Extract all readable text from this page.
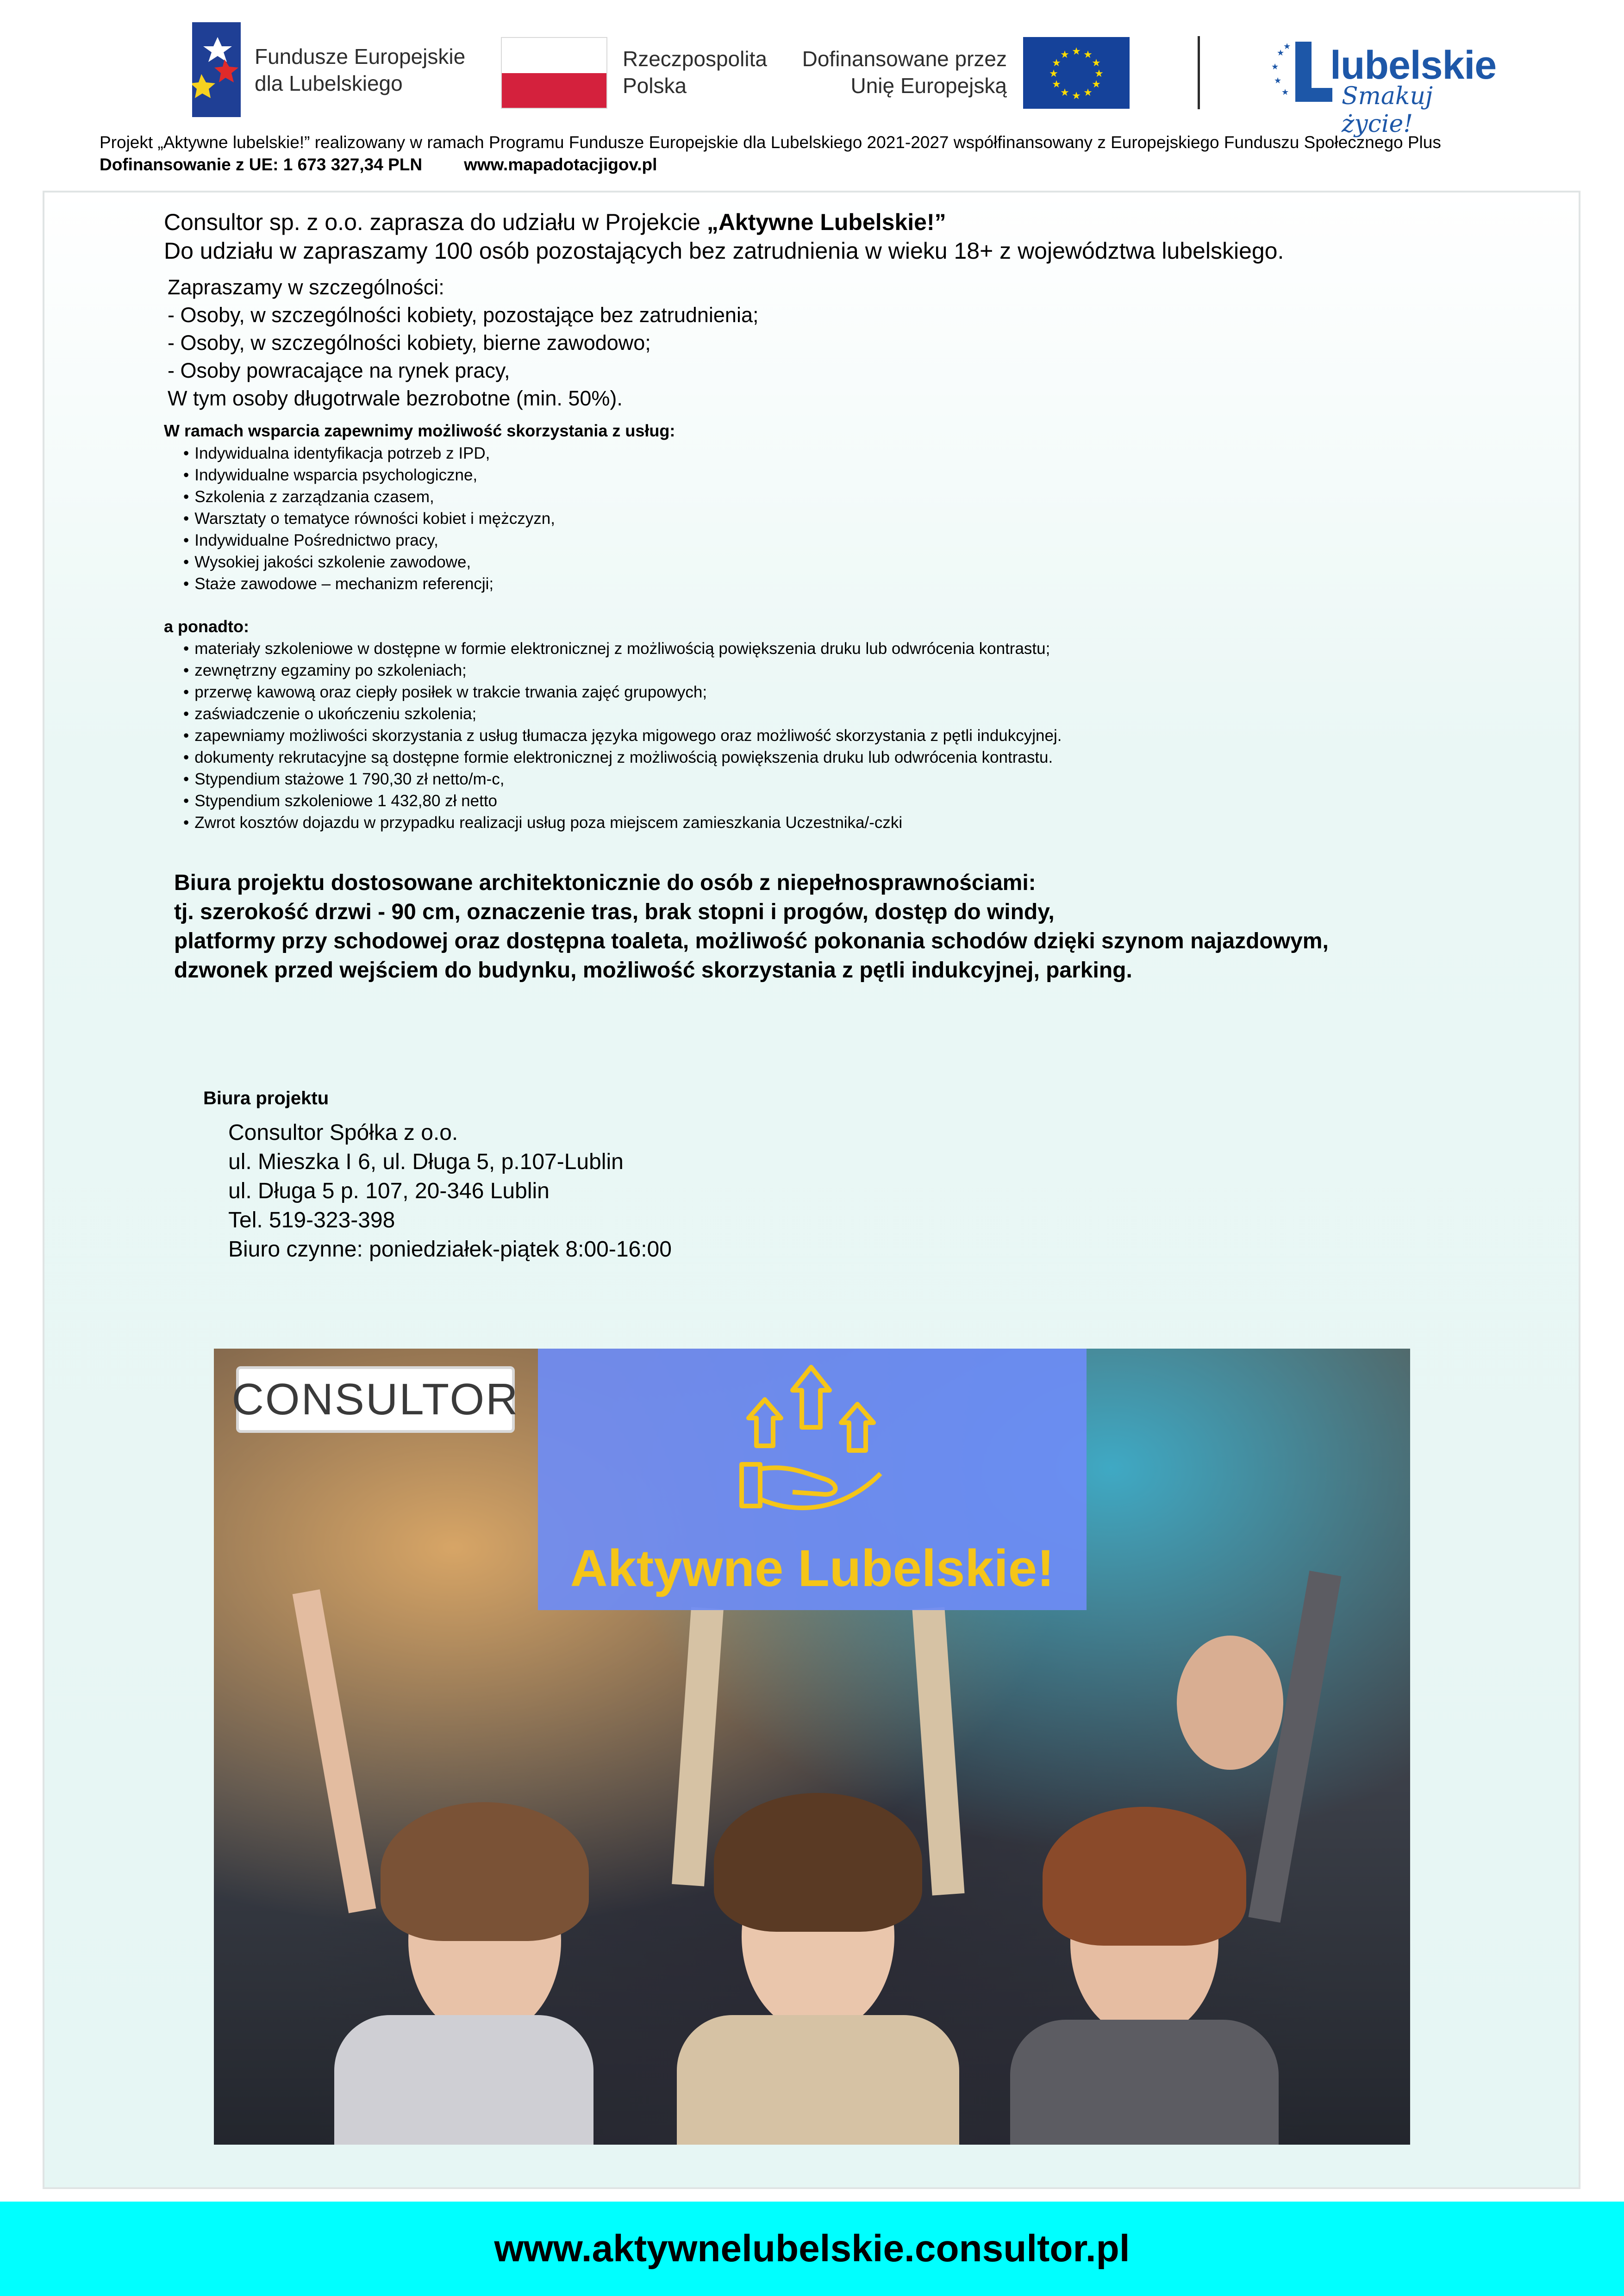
Fundusze Europejskie
dla Lubelskiego
Rzeczpospolita
Polska
Dofinansowane przez
Unię Europejską
★ ★
★
★
★
★
★
★
★
★
★
★	★
★
★
★
★
lubelskie
Smakuj życie!
Projekt „Aktywne lubelskie!” realizowany w ramach Programu Fundusze Europejskie dla Lubelskiego 2021-2027 współfinansowany z Europejskiego Funduszu Społecznego Plus
Dofinansowanie z UE: 1 673 327,34 PLN www.mapadotacjigov.pl
Consultor sp. z o.o. zaprasza do udziału w Projekcie „Aktywne Lubelskie!”
Do udziału w zapraszamy 100 osób pozostających bez zatrudnienia w wieku 18+ z województwa lubelskiego.
Zapraszamy w szczególności:
- Osoby, w szczególności kobiety, pozostające bez zatrudnienia;
- Osoby, w szczególności kobiety, bierne zawodowo;
- Osoby powracające na rynek pracy,
W tym osoby długotrwale bezrobotne (min. 50%).
W ramach wsparcia zapewnimy możliwość skorzystania z usług:
• Indywidualna identyfikacja potrzeb z IPD,
• Indywidualne wsparcia psychologiczne,
• Szkolenia z zarządzania czasem,
• Warsztaty o tematyce równości kobiet i mężczyzn,
• Indywidualne Pośrednictwo pracy,
• Wysokiej jakości szkolenie zawodowe,
• Staże zawodowe – mechanizm referencji;
a ponadto:
• materiały szkoleniowe w dostępne w formie elektronicznej z możliwością powiększenia druku lub odwrócenia kontrastu;
• zewnętrzny egzaminy po szkoleniach;
• przerwę kawową oraz ciepły posiłek w trakcie trwania zajęć grupowych;
• zaświadczenie o ukończeniu szkolenia;
• zapewniamy możliwości skorzystania z usług tłumacza języka migowego oraz możliwość skorzystania z pętli indukcyjnej.
• dokumenty rekrutacyjne są dostępne formie elektronicznej z możliwością powiększenia druku lub odwrócenia kontrastu.
• Stypendium stażowe 1 790,30 zł netto/m-c,
• Stypendium szkoleniowe 1 432,80 zł netto
• Zwrot kosztów dojazdu w przypadku realizacji usług poza miejscem zamieszkania Uczestnika/-czki
Biura projektu dostosowane architektonicznie do osób z niepełnosprawnościami:
tj. szerokość drzwi - 90 cm, oznaczenie tras, brak stopni i progów, dostęp do windy,
platformy przy schodowej oraz dostępna toaleta, możliwość pokonania schodów dzięki szynom najazdowym,
dzwonek przed wejściem do budynku, możliwość skorzystania z pętli indukcyjnej, parking.
Biura projektu
Consultor Spółka z o.o.
ul. Mieszka I 6, ul. Długa 5, p.107-Lublin
ul. Długa 5 p. 107, 20-346 Lublin
Tel. 519-323-398
Biuro czynne: poniedziałek-piątek 8:00-16:00
CONSULTOR
Aktywne Lubelskie!
www.aktywnelubelskie.consultor.pl
